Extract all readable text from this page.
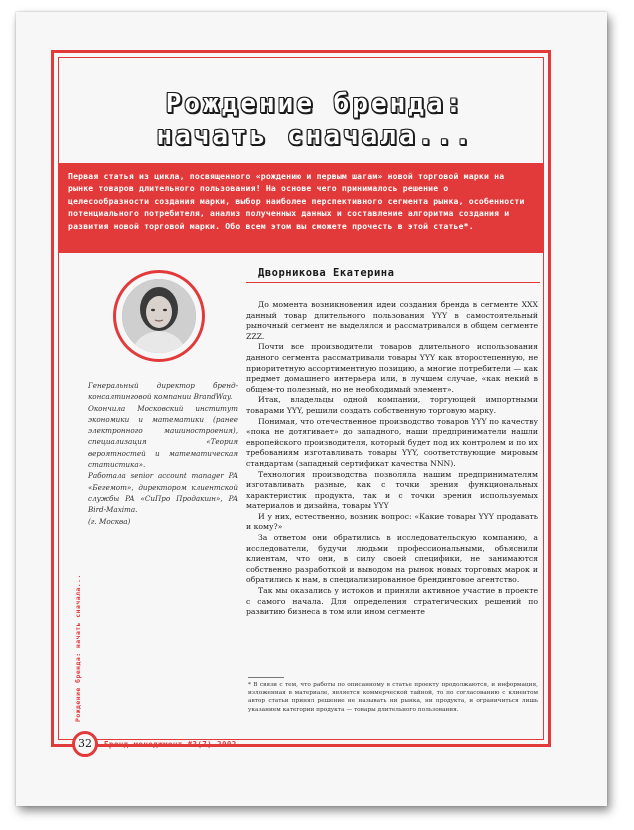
Рождение бренда:
начать сначала...
Первая статья из цикла, посвященного «рождению и первым шагам» новой торговой марки на рынке товаров длительного пользования! На основе чего принималось решение о целесообразности создания марки, выбор наиболее перспективного сегмента рынка, особенности потенциального потребителя, анализ полученных данных и составление алгоритма создания и развития новой торговой марки. Обо всем этом вы сможете прочесть в этой статье*.
Дворникова Екатерина

Генеральный директор бренд-консалтинговой компании BrandWay.

Окончила Московский институт экономики и математики (ранее электронного машиностроения), специализация «Теория вероятностей и математическая статистика».

Работала senior account manager PA «Бегемот», директором клиентской службы PA «СиПро Продакшн», PA Bird-Махіта.

(г. Москва)

До момента возникновения идеи создания бренда в сегменте XXX данный товар длительного пользования YYY в самостоятельный рыночный сегмент не выделялся и рассматривался в общем сегменте ZZZ.

Почти все производители товаров длительного использования данного сегмента рассматривали товары YYY как второстепенную, не приоритетную ассортиментную позицию, а многие потребители — как предмет домашнего интерьера или, в лучшем случае, «как некий в общем-то полезный, но не необходимый элемент».

Итак, владельцы одной компании, торгующей импортными товарами YYY, решили создать собственную торговую марку.

Понимая, что отечественное производство товаров YYY по качеству «пока не дотягивает» до западного, наши предприниматели нашли европейского производителя, который будет под их контролем и по их требованиям изготавливать товары YYY, соответствующие мировым стандартам (западный сертификат качества NNN).

Технология производства позволяла нашим предпринимателям изготавливать разные, как с точки зрения функциональных характеристик продукта, так и с точки зрения используемых материалов и дизайна, товары YYY

И у них, естественно, возник вопрос: «Какие товары YYY продавать и кому?»

За ответом они обратились в исследовательскую компанию, а исследователи, будучи людьми профессиональными, объяснили клиентам, что они, в силу своей специфики, не занимаются собственно разработкой и выводом на рынок новых торговых марок и обратились к нам, в специализированное брендинговое агентство.

Так мы оказались у истоков и приняли активное участие в проекте с самого начала. Для определения стратегических решений по развитию бизнеса в том или ином сегменте

* В связи с тем, что работы по описанному в статье проекту продолжаются, и информация, изложенная в материале, является коммерческой тайной, то по согласованию с клиентом автор статьи принял решение не называть ни рынка, ни продукта, и ограничиться лишь указанием категории продукта — товары длительного пользования.
Рождение бренда: начать сначала...
32	Бренд-менеджмент #3(7)-2002
